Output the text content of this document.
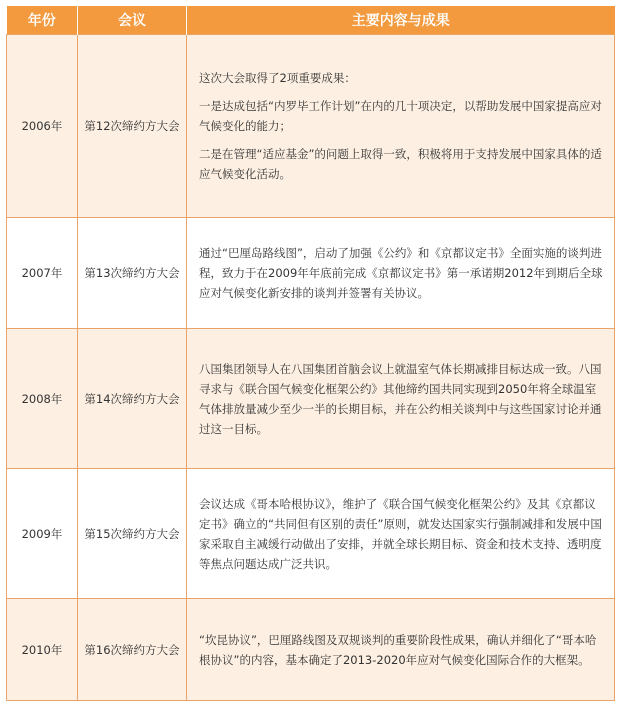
年份	会议	主要内容与成果
2006年	第12次缔约方大会	这次大会取得了2项重要成果：

一是达成包括“内罗毕工作计划”在内的几十项决定，以帮助发展中国家提高应对气候变化的能力；

二是在管理“适应基金”的问题上取得一致，积极将用于支持发展中国家具体的适应气候变化活动。

2007年	第13次缔约方大会	通过“巴厘岛路线图”，启动了加强《公约》和《京都议定书》全面实施的谈判进程，致力于在2009年年底前完成《京都议定书》第一承诺期2012年到期后全球应对气候变化新安排的谈判并签署有关协议。

2008年	第14次缔约方大会	八国集团领导人在八国集团首脑会议上就温室气体长期减排目标达成一致。八国寻求与《联合国气候变化框架公约》其他缔约国共同实现到2050年将全球温室气体排放量减少至少一半的长期目标，并在公约相关谈判中与这些国家讨论并通过这一目标。

2009年	第15次缔约方大会	会议达成《哥本哈根协议》，维护了《联合国气候变化框架公约》及其《京都议定书》确立的“共同但有区别的责任”原则，就发达国家实行强制减排和发展中国家采取自主减缓行动做出了安排，并就全球长期目标、资金和技术支持、透明度等焦点问题达成广泛共识。

2010年	第16次缔约方大会	“坎昆协议”，巴厘路线图及双规谈判的重要阶段性成果，确认并细化了“哥本哈根协议”的内容，基本确定了2013-2020年应对气候变化国际合作的大框架。
